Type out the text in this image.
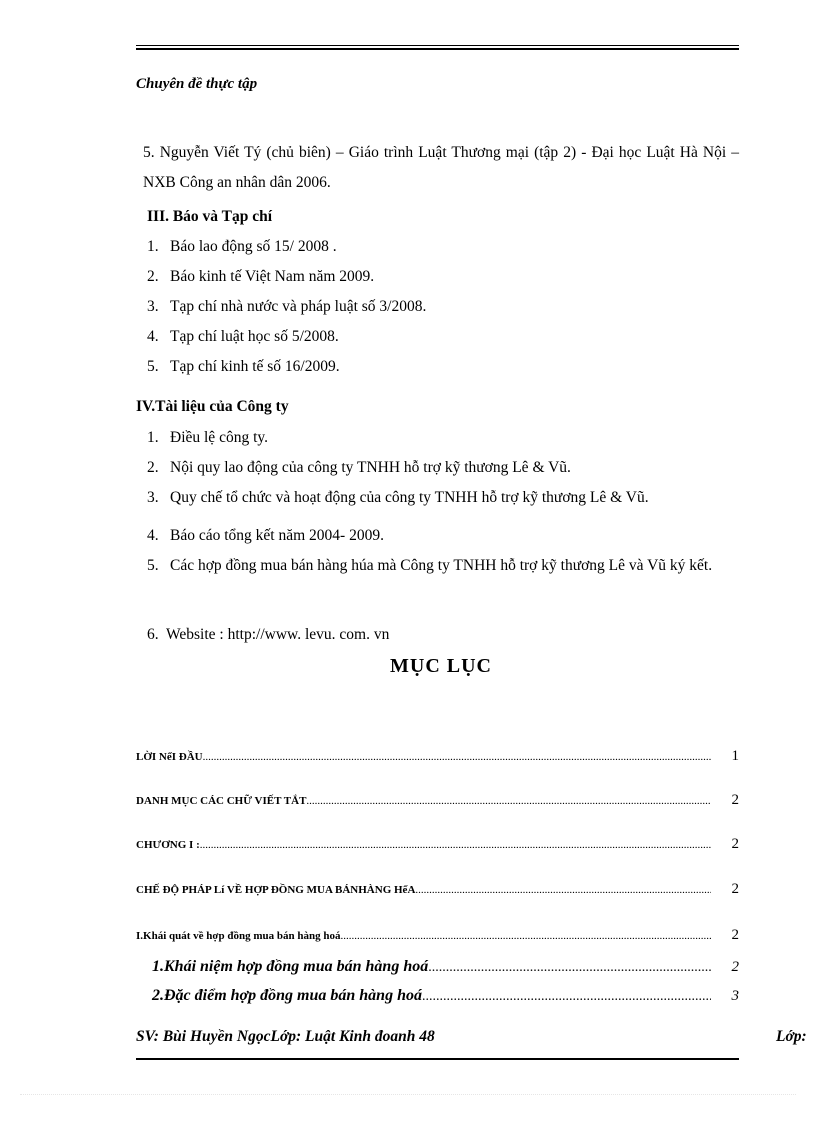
Chuyên đề thực tập
5. Nguyễn Viết Tý (chủ biên) – Giáo trình Luật Thương mại (tập 2) - Đại học Luật Hà Nội – NXB Công an nhân dân 2006.
III. Báo và Tạp chí
1. Báo lao động số 15/ 2008 .
2. Báo kinh tế Việt Nam năm 2009.
3. Tạp chí nhà nước và pháp luật số 3/2008.
4. Tạp chí luật học số 5/2008.
5. Tạp chí kinh tế số 16/2009.
IV.Tài liệu của Công ty
1. Điều lệ công ty.
2. Nội quy lao động của công ty TNHH hỗ trợ kỹ thương Lê & Vũ.
3. Quy chế tổ chức và hoạt động của công ty TNHH hỗ trợ kỹ thương Lê & Vũ.
4. Báo cáo tổng kết năm 2004- 2009.
5. Các hợp đồng mua bán hàng húa mà Công ty TNHH hỗ trợ kỹ thương Lê và Vũ ký kết.
6. Website : http://www. levu. com. vn
MỤC LỤC
LỜI NểI ĐẦU .....	1
DANH MỤC CÁC CHỮ VIẾT TẮT .....	2
CHƯƠNG I : .....	2
CHẾ ĐỘ PHÁP Lí VỀ HỢP ĐỒNG MUA BÁNHÀNG HểA .....	2
I.Khái quát về hợp đồng mua bán hàng hoá .....	2
1.Khái niệm hợp đồng mua bán hàng hoá .....	2
2.Đặc điểm hợp đồng mua bán hàng hoá .....	3
SV: Bùi Huyền NgọcLớp: Luật Kinh đoanh 48	Lớp:
